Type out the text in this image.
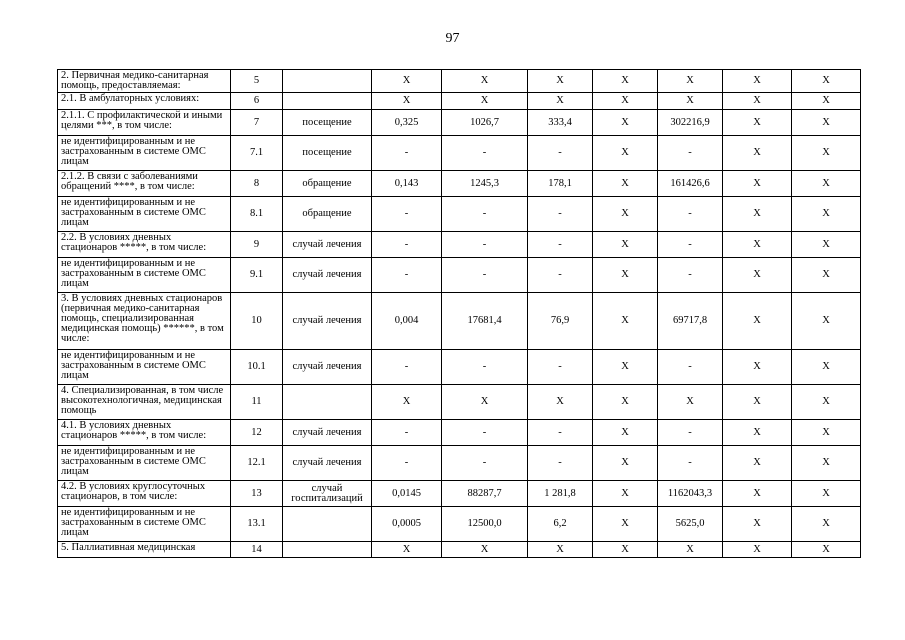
97
2. Первичная медико-санитарная помощь, предоставляемая:	5		X	X	X	X	X	X	X
2.1. В амбулаторных условиях:	6		X	X	X	X	X	X	X
2.1.1. С профилактической и иными целями ***, в том числе:	7	посещение	0,325	1026,7	333,4	X	302216,9	X	X
не идентифицированным и не застрахованным в системе ОМС лицам	7.1	посещение	-	-	-	X	-	X	X
2.1.2. В связи с заболеваниями обращений ****, в том числе:	8	обращение	0,143	1245,3	178,1	X	161426,6	X	X
не идентифицированным и не застрахованным в системе ОМС лицам	8.1	обращение	-	-	-	X	-	X	X
2.2. В условиях дневных стационаров *****, в том числе:	9	случай лечения	-	-	-	X	-	X	X
не идентифицированным и не застрахованным в системе ОМС лицам	9.1	случай лечения	-	-	-	X	-	X	X
3. В условиях дневных стационаров (первичная медико-санитарная помощь, специализированная медицинская помощь) ******, в том числе:	10	случай лечения	0,004	17681,4	76,9	X	69717,8	X	X
не идентифицированным и не застрахованным в системе ОМС лицам	10.1	случай лечения	-	-	-	X	-	X	X
4. Специализированная, в том числе высокотехнологичная, медицинская помощь	11		X	X	X	X	X	X	X
4.1. В условиях дневных стационаров *****, в том числе:	12	случай лечения	-	-	-	X	-	X	X
не идентифицированным и не застрахованным в системе ОМС лицам	12.1	случай лечения	-	-	-	X	-	X	X
4.2. В условиях круглосуточных стационаров, в том числе:	13	случай госпитализаций	0,0145	88287,7	1 281,8	X	1162043,3	X	X
не идентифицированным и не застрахованным в системе ОМС лицам	13.1		0,0005	12500,0	6,2	X	5625,0	X	X
5. Паллиативная медицинская	14		X	X	X	X	X	X	X
